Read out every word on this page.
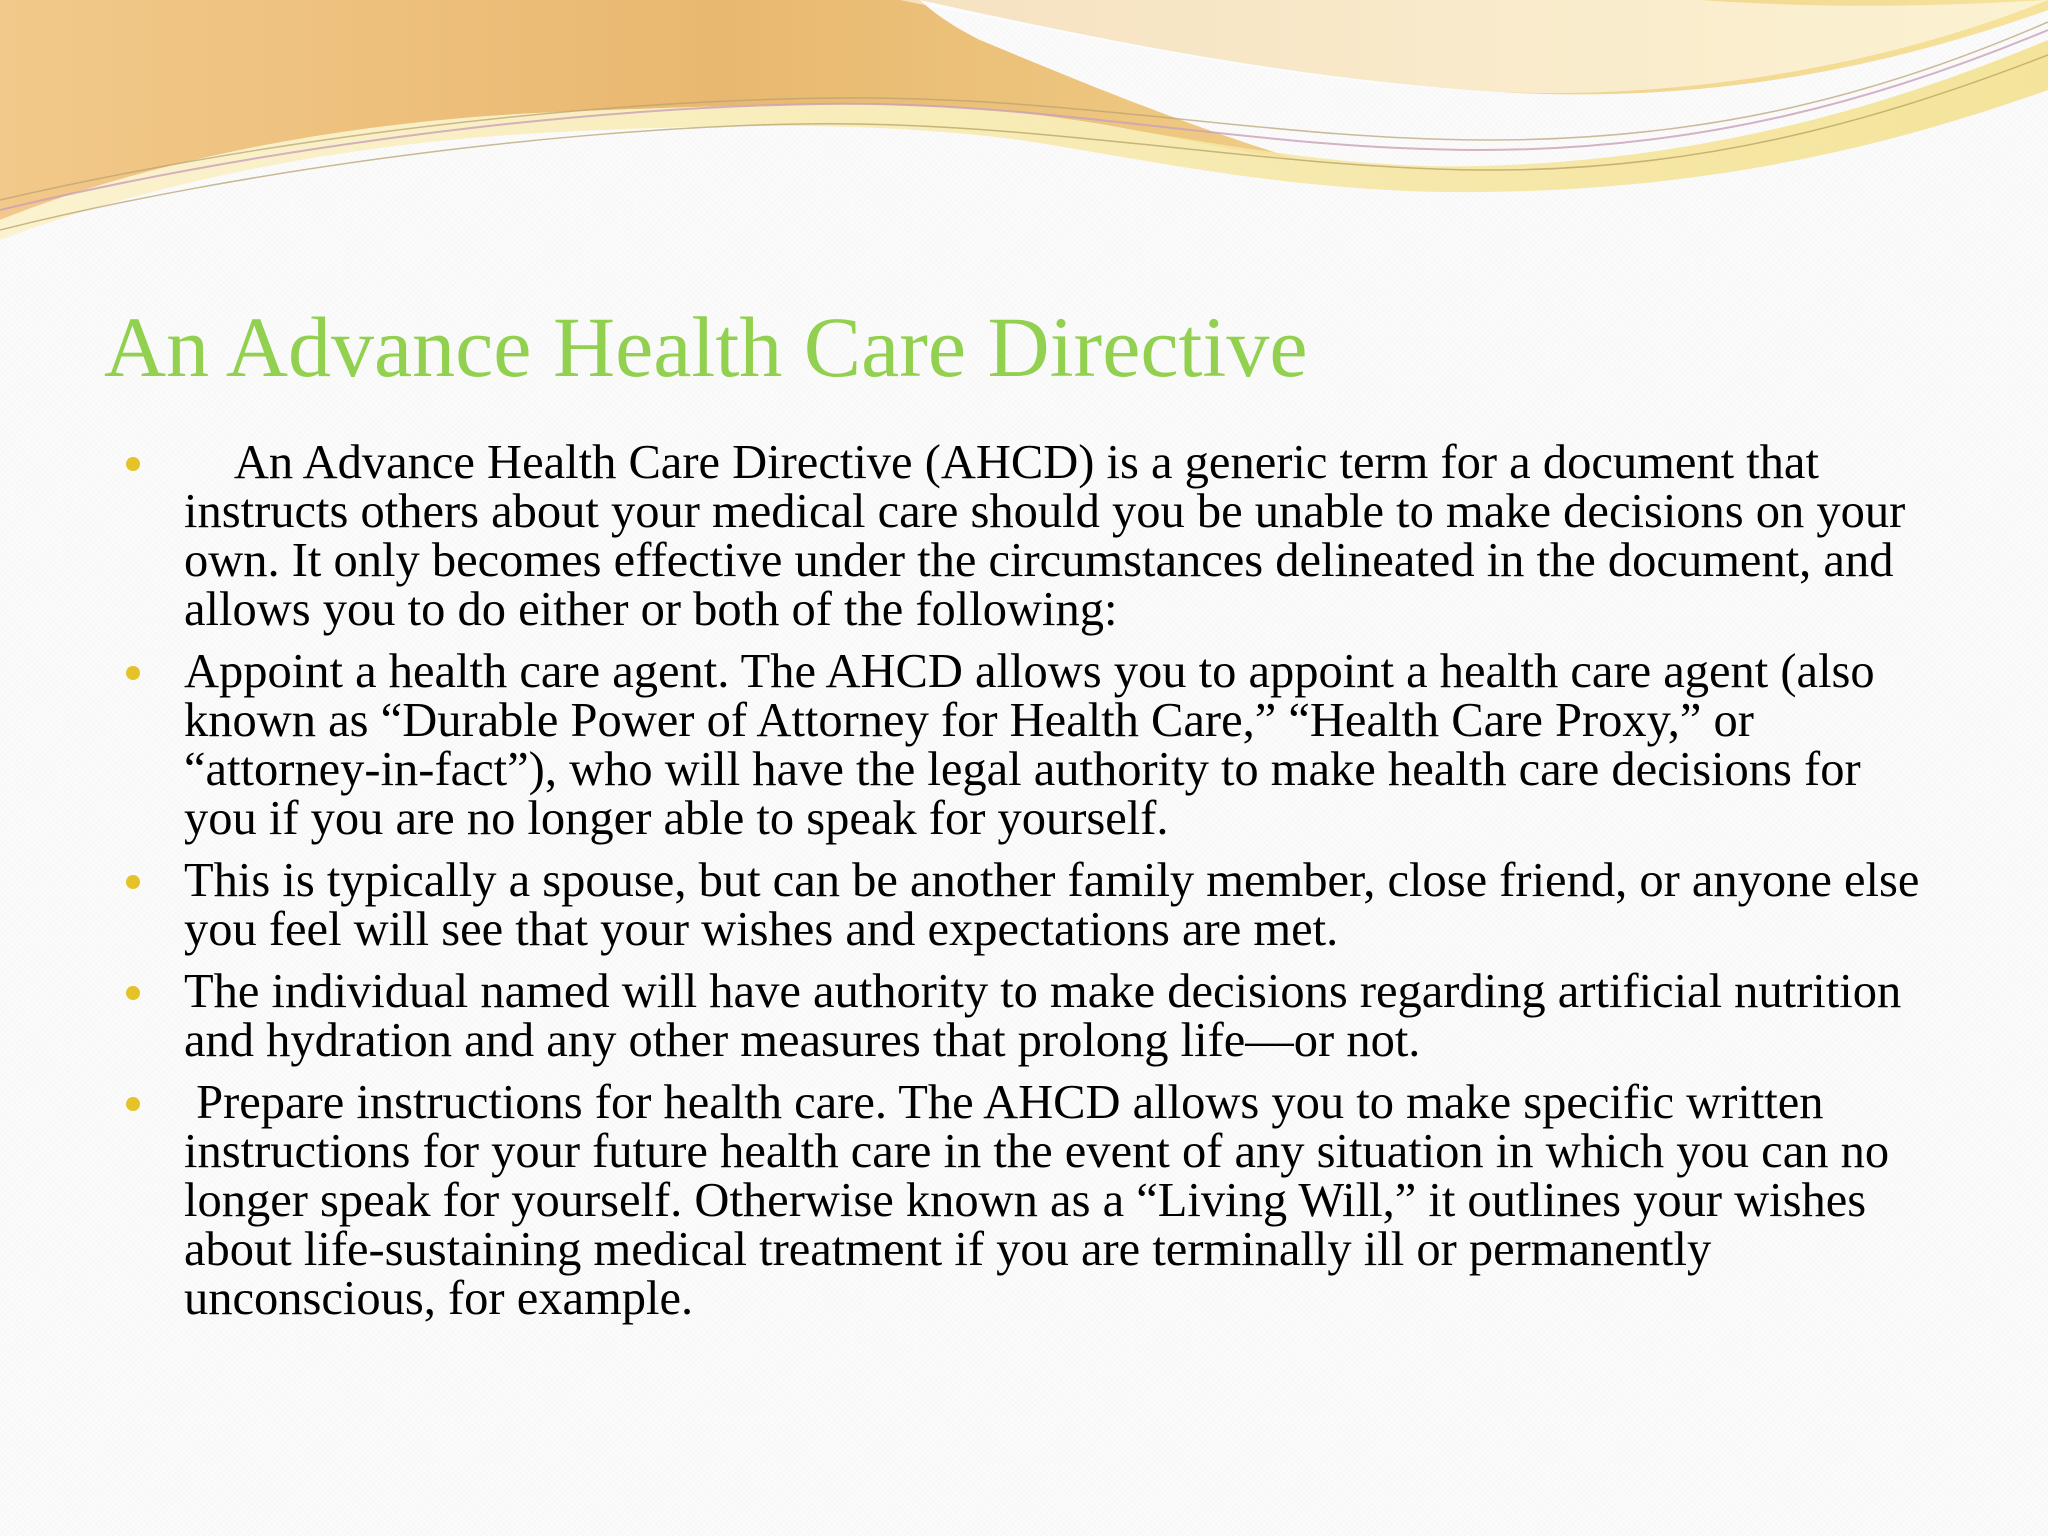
An Advance Health Care Directive
An Advance Health Care Directive (AHCD) is a generic term for a document that instructs others about your medical care should you be unable to make decisions on your own. It only becomes effective under the circumstances delineated in the document, and allows you to do either or both of the following:
Appoint a health care agent. The AHCD allows you to appoint a health care agent (also known as “Durable Power of Attorney for Health Care,” “Health Care Proxy,” or “attorney-in-fact”), who will have the legal authority to make health care decisions for you if you are no longer able to speak for yourself.
This is typically a spouse, but can be another family member, close friend, or anyone else you feel will see that your wishes and expectations are met.
The individual named will have authority to make decisions regarding artificial nutrition and hydration and any other measures that prolong life—or not.
Prepare instructions for health care. The AHCD allows you to make specific written instructions for your future health care in the event of any situation in which you can no longer speak for yourself. Otherwise known as a “Living Will,” it outlines your wishes about life-sustaining medical treatment if you are terminally ill or permanently unconscious, for example.
